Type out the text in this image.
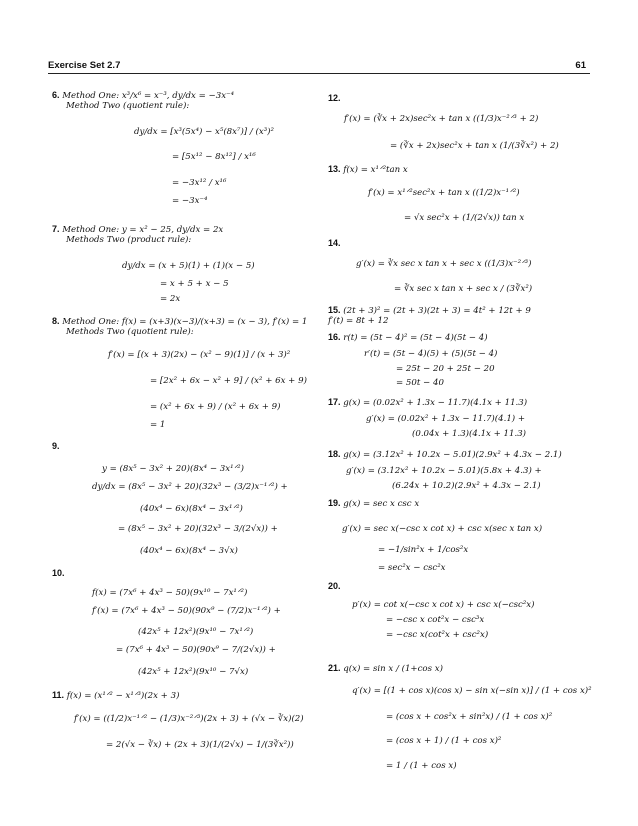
Exercise Set 2.7	61
6. Method One: x³/x⁶ = x⁻³, dy/dx = −3x⁻⁴
Method Two (quotient rule):
dy/dx = [x³(5x⁴) − x⁵(8x⁷)] / (x³)²
= [5x¹² − 8x¹²] / x¹⁶
= −3x¹² / x¹⁶
= −3x⁻⁴
7. Method One: y = x² − 25, dy/dx = 2x
Methods Two (product rule):
dy/dx = (x + 5)(1) + (1)(x − 5)
= x + 5 + x − 5
= 2x
8. Method One: f(x) = (x+3)(x−3)/(x+3) = (x − 3), f′(x) = 1
Methods Two (quotient rule):
f′(x) = [(x + 3)(2x) − (x² − 9)(1)] / (x + 3)²
= [2x² + 6x − x² + 9] / (x² + 6x + 9)
= (x² + 6x + 9) / (x² + 6x + 9)
= 1
9.
y = (8x⁵ − 3x² + 20)(8x⁴ − 3x¹ᐟ²)
dy/dx = (8x⁵ − 3x² + 20)(32x³ − (3/2)x⁻¹ᐟ²) +
(40x⁴ − 6x)(8x⁴ − 3x¹ᐟ²)
= (8x⁵ − 3x² + 20)(32x³ − 3/(2√x)) +
(40x⁴ − 6x)(8x⁴ − 3√x)
10.
f(x) = (7x⁶ + 4x³ − 50)(9x¹⁰ − 7x¹ᐟ²)
f′(x) = (7x⁶ + 4x³ − 50)(90x⁹ − (7/2)x⁻¹ᐟ²) +
(42x⁵ + 12x²)(9x¹⁰ − 7x¹ᐟ²)
= (7x⁶ + 4x³ − 50)(90x⁹ − 7/(2√x)) +
(42x⁵ + 12x²)(9x¹⁰ − 7√x)
11. f(x) = (x¹ᐟ² − x¹ᐟ³)(2x + 3)
f′(x) = ((1/2)x⁻¹ᐟ² − (1/3)x⁻²ᐟ³)(2x + 3) + (√x − ∛x)(2)
= 2(√x − ∛x) + (2x + 3)(1/(2√x) − 1/(3∛x²))
12.
f′(x) = (∛x + 2x)sec²x + tan x ((1/3)x⁻²ᐟ³ + 2)
= (∛x + 2x)sec²x + tan x (1/(3∛x²) + 2)
13. f(x) = x¹ᐟ²tan x
f′(x) = x¹ᐟ²sec²x + tan x ((1/2)x⁻¹ᐟ²)
= √x sec²x + (1/(2√x)) tan x
14.
g′(x) = ∛x sec x tan x + sec x ((1/3)x⁻²ᐟ³)
= ∛x sec x tan x + sec x / (3∛x²)
15. (2t + 3)² = (2t + 3)(2t + 3) = 4t² + 12t + 9
f′(t) = 8t + 12
16. r(t) = (5t − 4)² = (5t − 4)(5t − 4)
r′(t) = (5t − 4)(5) + (5)(5t − 4)
= 25t − 20 + 25t − 20
= 50t − 40
17. g(x) = (0.02x² + 1.3x − 11.7)(4.1x + 11.3)
g′(x) = (0.02x² + 1.3x − 11.7)(4.1) +
(0.04x + 1.3)(4.1x + 11.3)
18. g(x) = (3.12x² + 10.2x − 5.01)(2.9x² + 4.3x − 2.1)
g′(x) = (3.12x² + 10.2x − 5.01)(5.8x + 4.3) +
(6.24x + 10.2)(2.9x² + 4.3x − 2.1)
19. g(x) = sec x csc x
g′(x) = sec x(−csc x cot x) + csc x(sec x tan x)
= −1/sin²x + 1/cos²x
= sec²x − csc²x
20.
p′(x) = cot x(−csc x cot x) + csc x(−csc²x)
= −csc x cot²x − csc³x
= −csc x(cot²x + csc²x)
21. q(x) = sin x / (1+cos x)
q′(x) = [(1 + cos x)(cos x) − sin x(−sin x)] / (1 + cos x)²
= (cos x + cos²x + sin²x) / (1 + cos x)²
= (cos x + 1) / (1 + cos x)²
= 1 / (1 + cos x)
